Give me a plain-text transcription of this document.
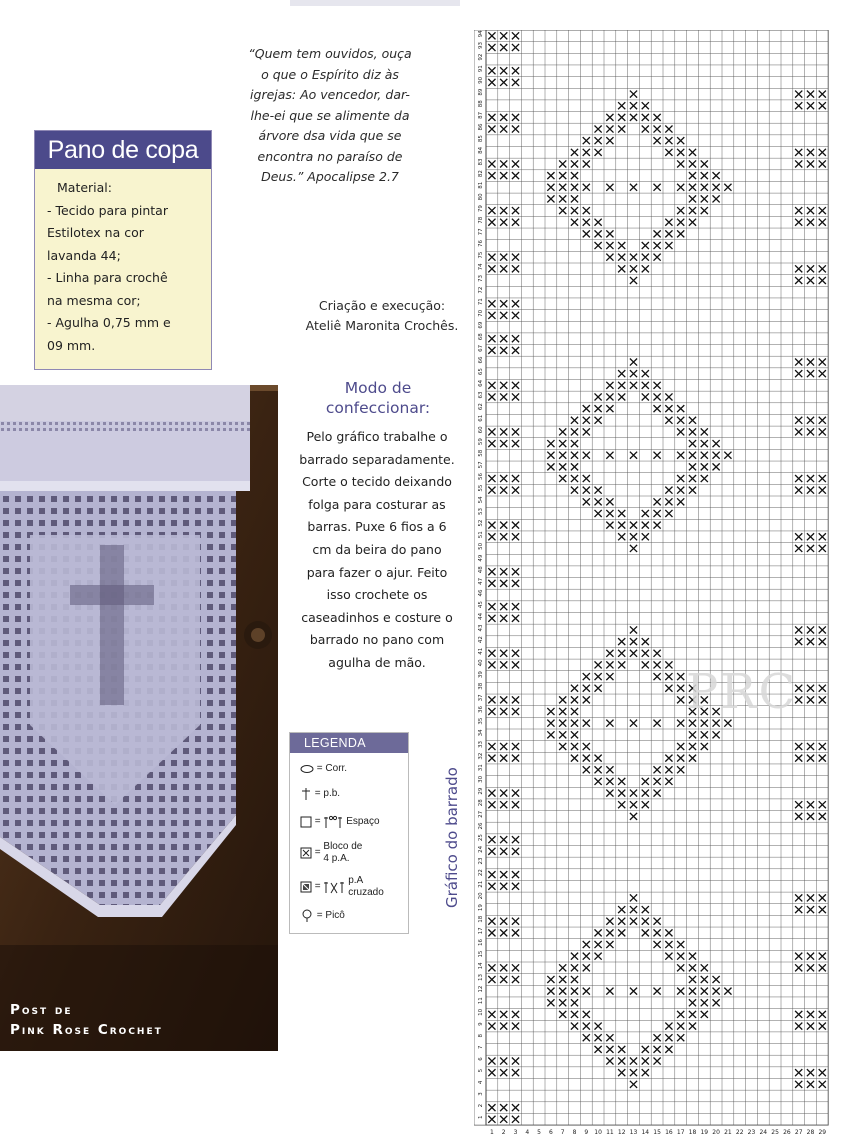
“Quem tem ouvidos, ouça
o que o Espírito diz às
igrejas: Ao vencedor, dar-
lhe-ei que se alimente da
árvore dsa vida que se
encontra no paraíso de
Deus.” Apocalipse 2.7
Pano de copa
Material:
- Tecido para pintar
Estilotex na cor
lavanda 44;
- Linha para crochê
na mesma cor;
- Agulha 0,75 mm e
09 mm.
Criação e execução:
Ateliê Maronita Crochês.
Modo de
confeccionar:
Pelo gráfico trabalhe o
barrado separadamente.
Corte o tecido deixando
folga para costurar as
barras. Puxe 6 fios a 6
cm da beira do pano
para fazer o ajur. Feito
isso crochete os
caseadinhos e costure o
barrado no pano com
agulha de mão.
Post de
Pink Rose Crochet
LEGENDA
= Corr.
= p.b.
=	Espaço
=
Bloco de
4 p.A.
=
p.A
cruzado
= Picô
Gráfico do barrado
1
2
3
4
5
6
7
8
9
10
11
12
13
14
15
16
17
18
19
20
21
22
23
24
25
26
27
28
29
30
31
32
33
34
35
36
37
38
39
40
41
42
43
44
45
46
47
48
49
50
51
52
53
54
55
56
57
58
59
60
61
62
63
64
65
66
67
68
69
70
71
72
73
74
75
76
77
78
79
80
81
82
83
84
85
86
87
88
89
90
91
92
93
94
1 2 3 4 5 6 7 8 9 10 11 12 13 14 15 16 17 18 19 20 21 22 23 24 25 26 27 28 29
PRC
